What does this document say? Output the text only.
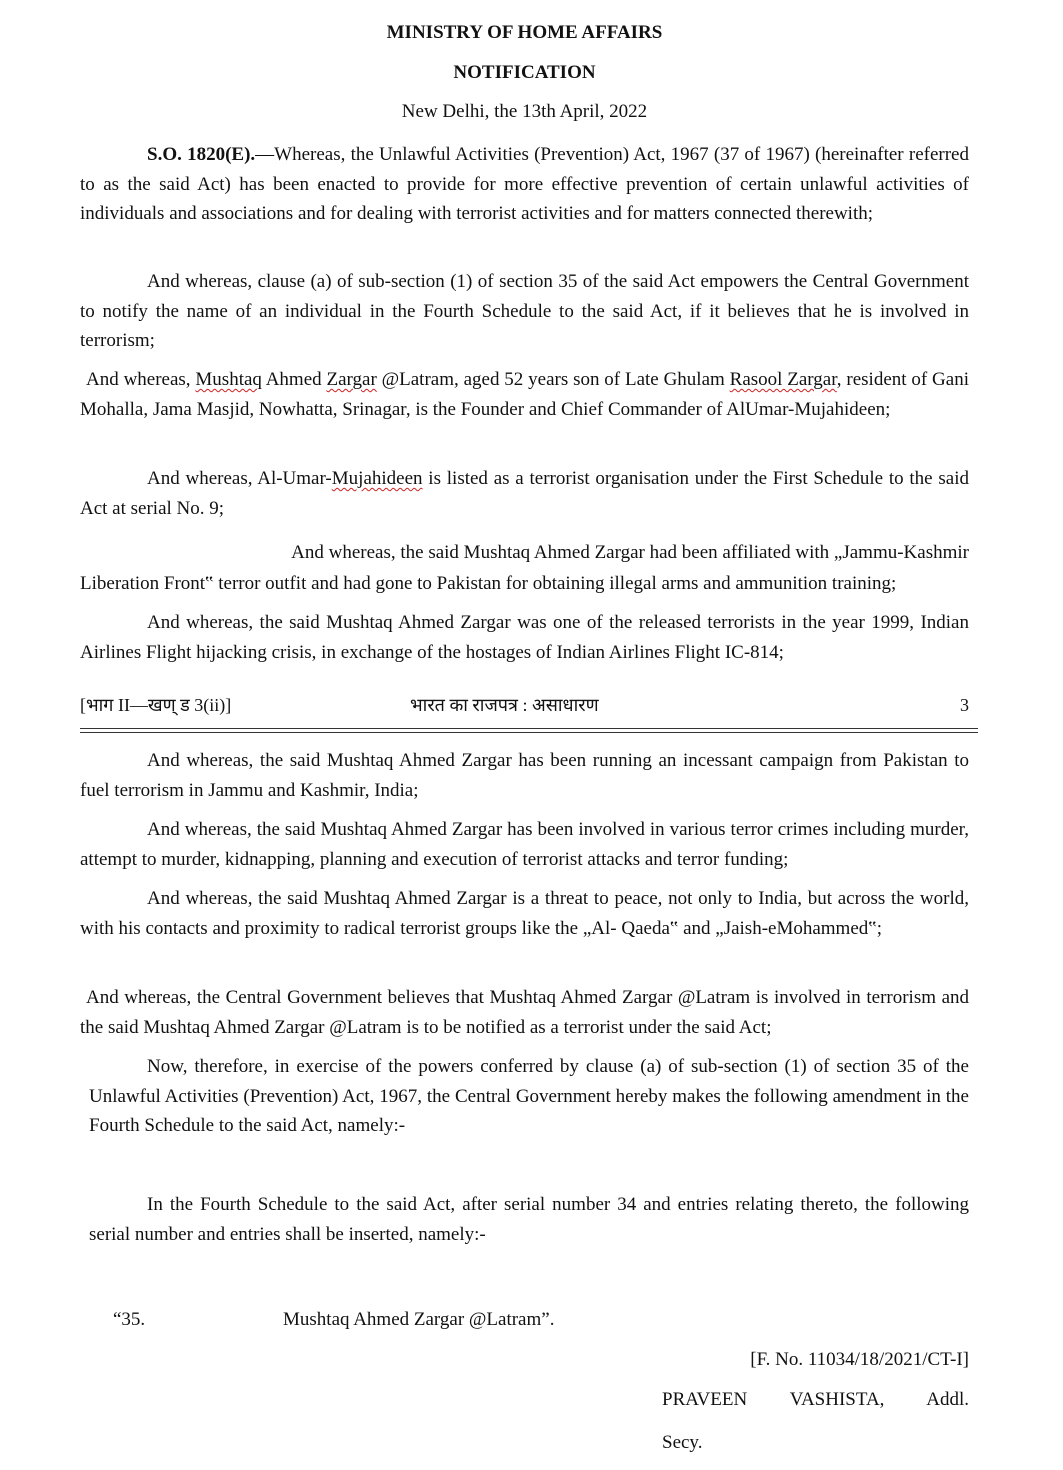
MINISTRY OF HOME AFFAIRS
NOTIFICATION
New Delhi, the 13th April, 2022

S.O. 1820(E).—Whereas, the Unlawful Activities (Prevention) Act, 1967 (37 of 1967) (hereinafter referred to as the said Act) has been enacted to provide for more effective prevention of certain unlawful activities of individuals and associations and for dealing with terrorist activities and for matters connected therewith;

And whereas, clause (a) of sub-section (1) of section 35 of the said Act empowers the Central Government to notify the name of an individual in the Fourth Schedule to the said Act, if it believes that he is involved in terrorism;

And whereas, Mushtaq Ahmed Zargar @Latram, aged 52 years son of Late Ghulam Rasool Zargar, resident of Gani Mohalla, Jama Masjid, Nowhatta, Srinagar, is the Founder and Chief Commander of AlUmar-Mujahideen;

And whereas, Al-Umar-Mujahideen is listed as a terrorist organisation under the First Schedule to the said Act at serial No. 9;

And whereas, the said Mushtaq Ahmed Zargar had been affiliated with „Jammu-Kashmir
Liberation Front‟ terror outfit and had gone to Pakistan for obtaining illegal arms and ammunition training;

And whereas, the said Mushtaq Ahmed Zargar was one of the released terrorists in the year 1999, Indian Airlines Flight hijacking crisis, in exchange of the hostages of Indian Airlines Flight IC-814;

[भाग II—खण् ड 3(ii)]	भारत का राजपत्र : असाधारण	3

And whereas, the said Mushtaq Ahmed Zargar has been running an incessant campaign from Pakistan to fuel terrorism in Jammu and Kashmir, India;

And whereas, the said Mushtaq Ahmed Zargar has been involved in various terror crimes including murder, attempt to murder, kidnapping, planning and execution of terrorist attacks and terror funding;

And whereas, the said Mushtaq Ahmed Zargar is a threat to peace, not only to India, but across the world, with his contacts and proximity to radical terrorist groups like the „Al- Qaeda‟ and „Jaish-eMohammed‟;

And whereas, the Central Government believes that Mushtaq Ahmed Zargar @Latram is involved in terrorism and the said Mushtaq Ahmed Zargar @Latram is to be notified as a terrorist under the said Act;

Now, therefore, in exercise of the powers conferred by clause (a) of sub-section (1) of section 35 of the Unlawful Activities (Prevention) Act, 1967, the Central Government hereby makes the following amendment in the Fourth Schedule to the said Act, namely:-

In the Fourth Schedule to the said Act, after serial number 34 and entries relating thereto, the following serial number and entries shall be inserted, namely:-

“35.	Mushtaq Ahmed Zargar @Latram”.
[F. No. 11034/18/2021/CT-I]
PRAVEEN VASHISTA, Addl.
Secy.
